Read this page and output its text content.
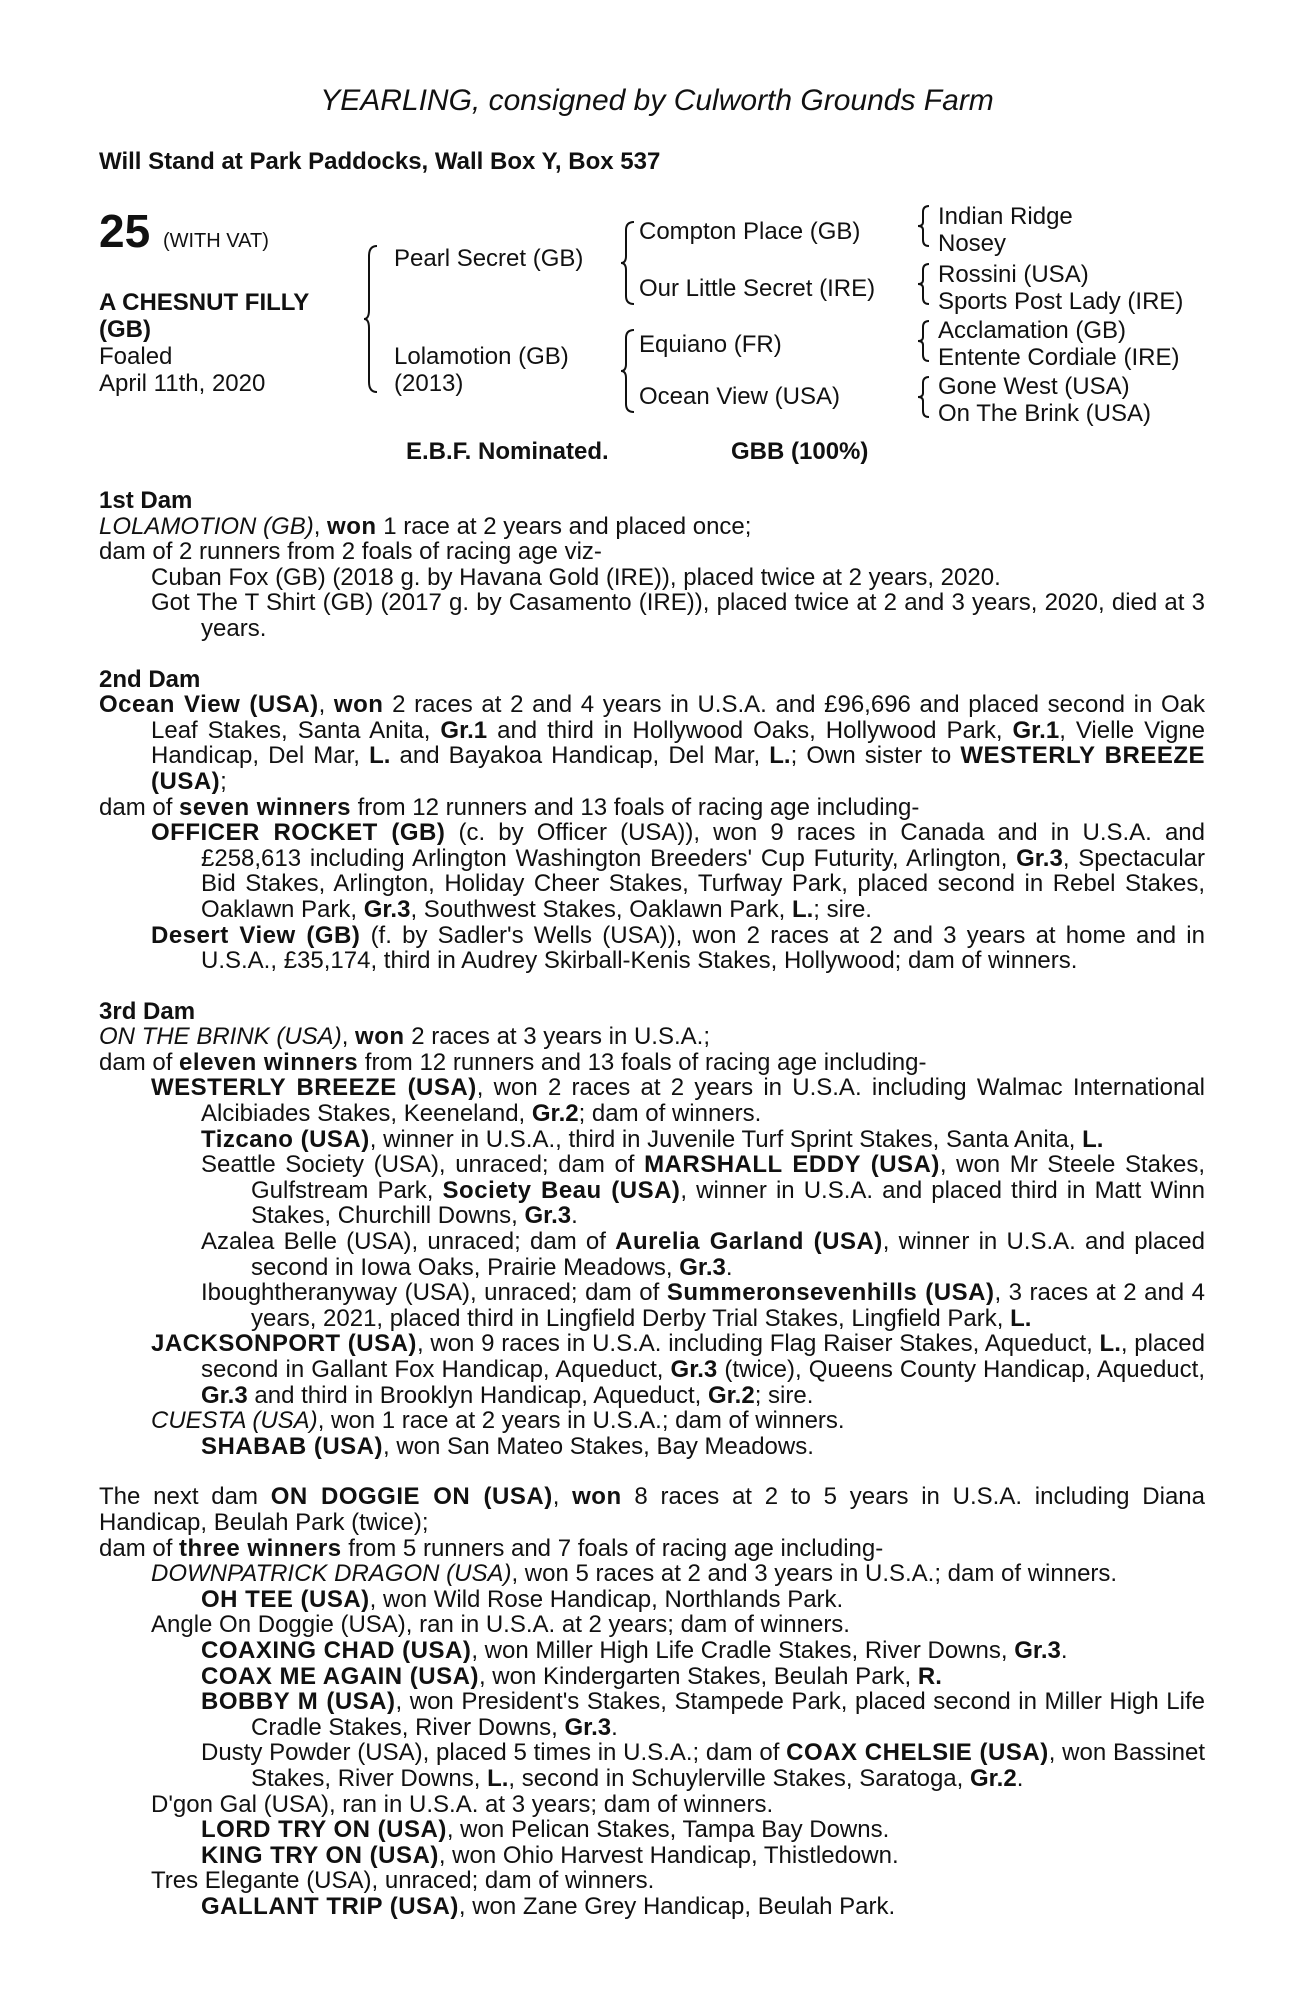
YEARLING, consigned by Culworth Grounds Farm
Will Stand at Park Paddocks, Wall Box Y, Box 537
25 (WITH VAT)
A CHESNUT FILLY
(GB)
Foaled
April 11th, 2020
Pearl Secret (GB)
Lolamotion (GB)
(2013)
Compton Place (GB)
Our Little Secret (IRE)
Equiano (FR)
Ocean View (USA)
Indian Ridge
Nosey
Rossini (USA)
Sports Post Lady (IRE)
Acclamation (GB)
Entente Cordiale (IRE)
Gone West (USA)
On The Brink (USA)
E.B.F. Nominated.	GBB (100%)

1st Dam

LOLAMOTION (GB), won 1 race at 2 years and placed once;

dam of 2 runners from 2 foals of racing age viz-

Cuban Fox (GB) (2018 g. by Havana Gold (IRE)), placed twice at 2 years, 2020.

Got The T Shirt (GB) (2017 g. by Casamento (IRE)), placed twice at 2 and 3 years, 2020, died at 3 years.

2nd Dam

Ocean View (USA), won 2 races at 2 and 4 years in U.S.A. and £96,696 and placed second in Oak Leaf Stakes, Santa Anita, Gr.1 and third in Hollywood Oaks, Hollywood Park, Gr.1, Vielle Vigne Handicap, Del Mar, L. and Bayakoa Handicap, Del Mar, L.; Own sister to WESTERLY BREEZE (USA);

dam of seven winners from 12 runners and 13 foals of racing age including-

OFFICER ROCKET (GB) (c. by Officer (USA)), won 9 races in Canada and in U.S.A. and £258,613 including Arlington Washington Breeders' Cup Futurity, Arlington, Gr.3, Spectacular Bid Stakes, Arlington, Holiday Cheer Stakes, Turfway Park, placed second in Rebel Stakes, Oaklawn Park, Gr.3, Southwest Stakes, Oaklawn Park, L.; sire.

Desert View (GB) (f. by Sadler's Wells (USA)), won 2 races at 2 and 3 years at home and in U.S.A., £35,174, third in Audrey Skirball-Kenis Stakes, Hollywood; dam of winners.

3rd Dam

ON THE BRINK (USA), won 2 races at 3 years in U.S.A.;

dam of eleven winners from 12 runners and 13 foals of racing age including-

WESTERLY BREEZE (USA), won 2 races at 2 years in U.S.A. including Walmac International Alcibiades Stakes, Keeneland, Gr.2; dam of winners.

Tizcano (USA), winner in U.S.A., third in Juvenile Turf Sprint Stakes, Santa Anita, L.

Seattle Society (USA), unraced; dam of MARSHALL EDDY (USA), won Mr Steele Stakes, Gulfstream Park, Society Beau (USA), winner in U.S.A. and placed third in Matt Winn Stakes, Churchill Downs, Gr.3.

Azalea Belle (USA), unraced; dam of Aurelia Garland (USA), winner in U.S.A. and placed second in Iowa Oaks, Prairie Meadows, Gr.3.

Iboughtheranyway (USA), unraced; dam of Summeronsevenhills (USA), 3 races at 2 and 4 years, 2021, placed third in Lingfield Derby Trial Stakes, Lingfield Park, L.

JACKSONPORT (USA), won 9 races in U.S.A. including Flag Raiser Stakes, Aqueduct, L., placed second in Gallant Fox Handicap, Aqueduct, Gr.3 (twice), Queens County Handicap, Aqueduct, Gr.3 and third in Brooklyn Handicap, Aqueduct, Gr.2; sire.

CUESTA (USA), won 1 race at 2 years in U.S.A.; dam of winners.

SHABAB (USA), won San Mateo Stakes, Bay Meadows.

The next dam ON DOGGIE ON (USA), won 8 races at 2 to 5 years in U.S.A. including Diana Handicap, Beulah Park (twice);

dam of three winners from 5 runners and 7 foals of racing age including-

DOWNPATRICK DRAGON (USA), won 5 races at 2 and 3 years in U.S.A.; dam of winners.

OH TEE (USA), won Wild Rose Handicap, Northlands Park.

Angle On Doggie (USA), ran in U.S.A. at 2 years; dam of winners.

COAXING CHAD (USA), won Miller High Life Cradle Stakes, River Downs, Gr.3.

COAX ME AGAIN (USA), won Kindergarten Stakes, Beulah Park, R.

BOBBY M (USA), won President's Stakes, Stampede Park, placed second in Miller High Life Cradle Stakes, River Downs, Gr.3.

Dusty Powder (USA), placed 5 times in U.S.A.; dam of COAX CHELSIE (USA), won Bassinet Stakes, River Downs, L., second in Schuylerville Stakes, Saratoga, Gr.2.

D'gon Gal (USA), ran in U.S.A. at 3 years; dam of winners.

LORD TRY ON (USA), won Pelican Stakes, Tampa Bay Downs.

KING TRY ON (USA), won Ohio Harvest Handicap, Thistledown.

Tres Elegante (USA), unraced; dam of winners.

GALLANT TRIP (USA), won Zane Grey Handicap, Beulah Park.
